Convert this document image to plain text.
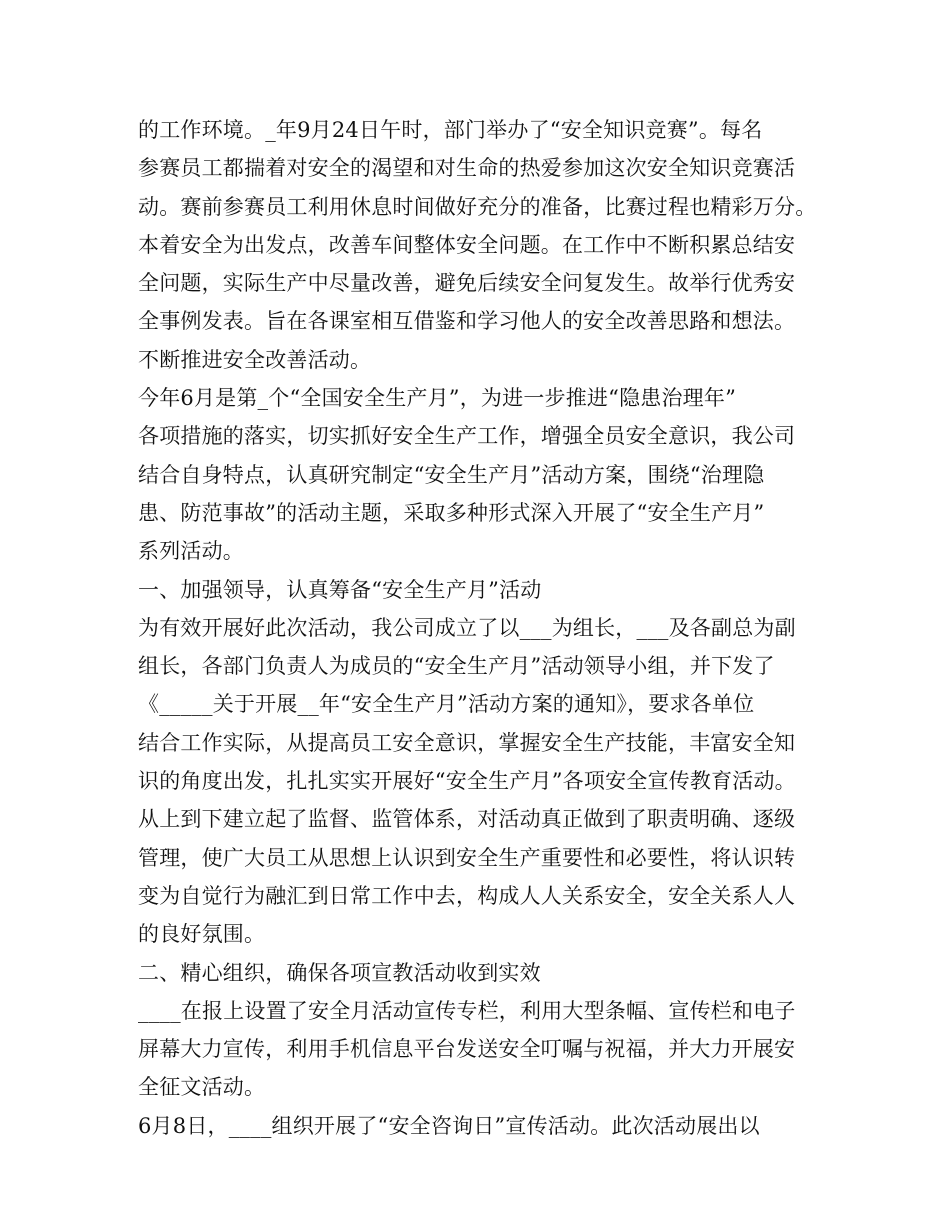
的工作环境。_年9月24日午时，部门举办了“安全知识竞赛”。每名
参赛员工都揣着对安全的渴望和对生命的热爱参加这次安全知识竞赛活
动。赛前参赛员工利用休息时间做好充分的准备，比赛过程也精彩万分。
本着安全为出发点，改善车间整体安全问题。在工作中不断积累总结安
全问题，实际生产中尽量改善，避免后续安全问复发生。故举行优秀安
全事例发表。旨在各课室相互借鉴和学习他人的安全改善思路和想法。
不断推进安全改善活动。
今年6月是第_个“全国安全生产月”，为进一步推进“隐患治理年”
各项措施的落实，切实抓好安全生产工作，增强全员安全意识，我公司
结合自身特点，认真研究制定“安全生产月”活动方案，围绕“治理隐
患、防范事故”的活动主题，采取多种形式深入开展了“安全生产月”
系列活动。
一、加强领导，认真筹备“安全生产月”活动
为有效开展好此次活动，我公司成立了以___为组长，___及各副总为副
组长，各部门负责人为成员的“安全生产月”活动领导小组，并下发了
《_____关于开展__年“安全生产月”活动方案的通知》，要求各单位
结合工作实际，从提高员工安全意识，掌握安全生产技能，丰富安全知
识的角度出发，扎扎实实开展好“安全生产月”各项安全宣传教育活动。
从上到下建立起了监督、监管体系，对活动真正做到了职责明确、逐级
管理，使广大员工从思想上认识到安全生产重要性和必要性，将认识转
变为自觉行为融汇到日常工作中去，构成人人关系安全，安全关系人人
的良好氛围。
二、精心组织，确保各项宣教活动收到实效
____在报上设置了安全月活动宣传专栏，利用大型条幅、宣传栏和电子
屏幕大力宣传，利用手机信息平台发送安全叮嘱与祝福，并大力开展安
全征文活动。
6月8日，____组织开展了“安全咨询日”宣传活动。此次活动展出以
